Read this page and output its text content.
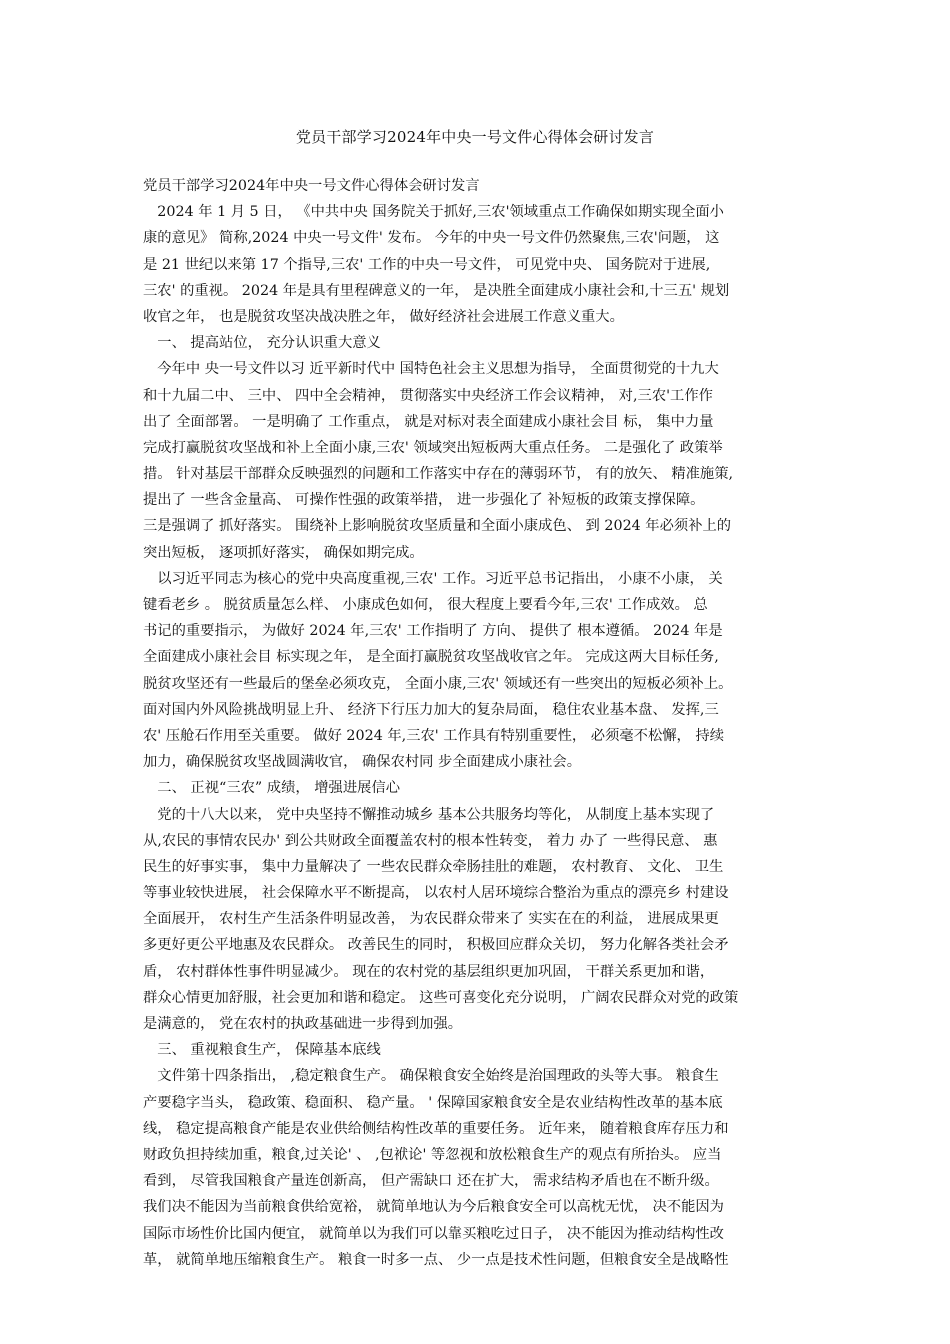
党员干部学习2024年中央一号文件心得体会研讨发言
党员干部学习2024年中央一号文件心得体会研讨发言
　2024 年 1 月 5 日， 《中共中央 国务院关于抓好,三农'领域重点工作确保如期实现全面小
康的意见》 简称,2024 中央一号文件' 发布。 今年的中央一号文件仍然聚焦,三农'问题， 这
是 21 世纪以来第 17 个指导,三农' 工作的中央一号文件， 可见党中央、 国务院对于进展,
三农' 的重视。 2024 年是具有里程碑意义的一年， 是决胜全面建成小康社会和,十三五' 规划
收官之年， 也是脱贫攻坚决战决胜之年， 做好经济社会进展工作意义重大。
　一、 提高站位， 充分认识重大意义
　今年中 央一号文件以习 近平新时代中 国特色社会主义思想为指导， 全面贯彻党的十九大
和十九届二中、 三中、 四中全会精神， 贯彻落实中央经济工作会议精神， 对,三农'工作作
出了 全面部署。 一是明确了 工作重点， 就是对标对表全面建成小康社会目 标， 集中力量
完成打赢脱贫攻坚战和补上全面小康,三农' 领域突出短板两大重点任务。 二是强化了 政策举
措。 针对基层干部群众反映强烈的问题和工作落实中存在的薄弱环节， 有的放矢、 精准施策,
提出了 一些含金量高、 可操作性强的政策举措， 进一步强化了 补短板的政策支撑保障。
三是强调了 抓好落实。 围绕补上影响脱贫攻坚质量和全面小康成色、 到 2024 年必须补上的
突出短板， 逐项抓好落实， 确保如期完成。
　以习近平同志为核心的党中央高度重视,三农' 工作。习近平总书记指出， 小康不小康， 关
键看老乡 。 脱贫质量怎么样、 小康成色如何， 很大程度上要看今年,三农' 工作成效。 总
书记的重要指示， 为做好 2024 年,三农' 工作指明了 方向、 提供了 根本遵循。 2024 年是
全面建成小康社会目 标实现之年， 是全面打赢脱贫攻坚战收官之年。 完成这两大目标任务,
脱贫攻坚还有一些最后的堡垒必须攻克， 全面小康,三农' 领域还有一些突出的短板必须补上。
面对国内外风险挑战明显上升、 经济下行压力加大的复杂局面， 稳住农业基本盘、 发挥,三
农' 压舱石作用至关重要。 做好 2024 年,三农' 工作具有特别重要性， 必须毫不松懈， 持续
加力，确保脱贫攻坚战圆满收官， 确保农村同 步全面建成小康社会。
　二、 正视“三农” 成绩， 增强进展信心
　党的十八大以来， 党中央坚持不懈推动城乡 基本公共服务均等化， 从制度上基本实现了
从,农民的事情农民办' 到公共财政全面覆盖农村的根本性转变， 着力 办了 一些得民意、 惠
民生的好事实事， 集中力量解决了 一些农民群众牵肠挂肚的难题， 农村教育、 文化、 卫生
等事业较快进展， 社会保障水平不断提高， 以农村人居环境综合整治为重点的漂亮乡 村建设
全面展开， 农村生产生活条件明显改善， 为农民群众带来了 实实在在的利益， 进展成果更
多更好更公平地惠及农民群众。 改善民生的同时， 积极回应群众关切， 努力化解各类社会矛
盾， 农村群体性事件明显减少。 现在的农村党的基层组织更加巩固， 干群关系更加和谐，
群众心情更加舒服，社会更加和谐和稳定。 这些可喜变化充分说明， 广阔农民群众对党的政策
是满意的， 党在农村的执政基础进一步得到加强。
　三、 重视粮食生产， 保障基本底线
　文件第十四条指出， ,稳定粮食生产。 确保粮食安全始终是治国理政的头等大事。 粮食生
产要稳字当头， 稳政策、稳面积、 稳产量。 ' 保障国家粮食安全是农业结构性改革的基本底
线， 稳定提高粮食产能是农业供给侧结构性改革的重要任务。 近年来， 随着粮食库存压力和
财政负担持续加重，粮食,过关论' 、 ,包袱论' 等忽视和放松粮食生产的观点有所抬头。 应当
看到， 尽管我国粮食产量连创新高， 但产需缺口 还在扩大， 需求结构矛盾也在不断升级。
我们决不能因为当前粮食供给宽裕， 就简单地认为今后粮食安全可以高枕无忧， 决不能因为
国际市场性价比国内便宜， 就简单以为我们可以靠买粮吃过日子， 决不能因为推动结构性改
革， 就简单地压缩粮食生产。 粮食一时多一点、 少一点是技术性问题，但粮食安全是战略性
